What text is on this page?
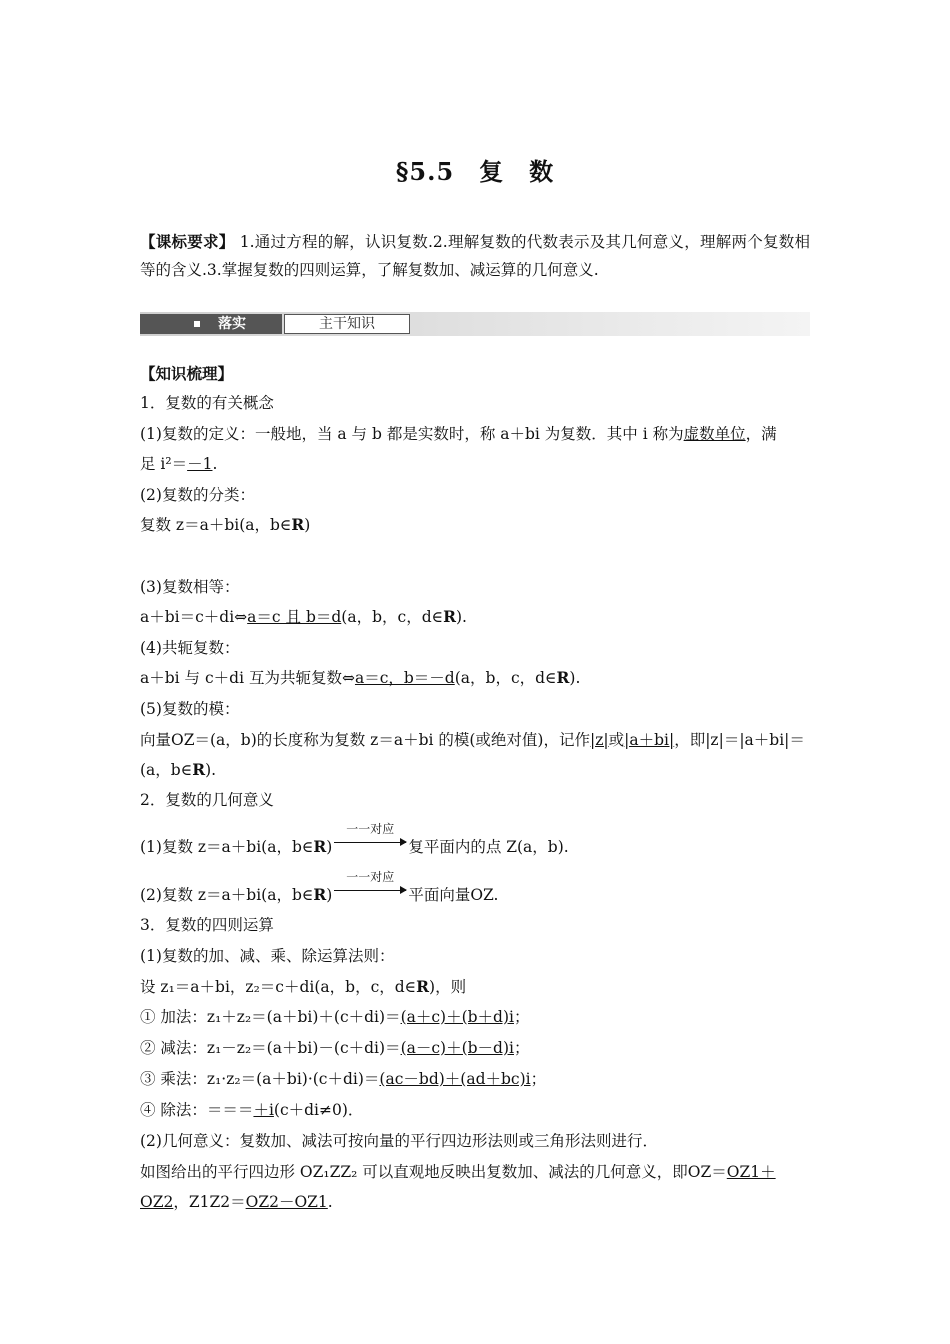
§5.5　复　数
【课标要求】 1.通过方程的解，认识复数.2.理解复数的代数表示及其几何意义，理解两个复数相等的含义.3.掌握复数的四则运算，了解复数加、减运算的几何意义.
落实	主干知识
【知识梳理】
1．复数的有关概念
(1)复数的定义：一般地，当 a 与 b 都是实数时，称 a＋bi 为复数．其中 i 称为虚数单位，满
足 i²＝－1.
(2)复数的分类：
复数 z＝a＋bi(a，b∈R)
(3)复数相等：
a＋bi＝c＋di⇔a＝c 且 b＝d(a，b，c，d∈R).
(4)共轭复数：
a＋bi 与 c＋di 互为共轭复数⇔a＝c，b＝－d(a，b，c，d∈R).
(5)复数的模：
向量OZ＝(a，b)的长度称为复数 z＝a＋bi 的模(或绝对值)，记作|z|或|a＋bi|，即|z|＝|a＋bi|＝
(a，b∈R).
2．复数的几何意义
(1)复数 z＝a＋bi(a，b∈R)
一一对应
复平面内的点 Z(a，b).
(2)复数 z＝a＋bi(a，b∈R)
一一对应
平面向量OZ.
3．复数的四则运算
(1)复数的加、减、乘、除运算法则：
设 z₁＝a＋bi，z₂＝c＋di(a，b，c，d∈R)，则
① 加法：z₁＋z₂＝(a＋bi)＋(c＋di)＝(a＋c)＋(b＋d)i；
② 减法：z₁－z₂＝(a＋bi)－(c＋di)＝(a－c)＋(b－d)i；
③ 乘法：z₁·z₂＝(a＋bi)·(c＋di)＝(ac－bd)＋(ad＋bc)i；
④ 除法：＝＝＝＋i(c＋di≠0)．
(2)几何意义：复数加、减法可按向量的平行四边形法则或三角形法则进行．
如图给出的平行四边形 OZ₁ZZ₂ 可以直观地反映出复数加、减法的几何意义，即OZ＝OZ1＋
OZ2，Z1Z2＝OZ2－OZ1.
